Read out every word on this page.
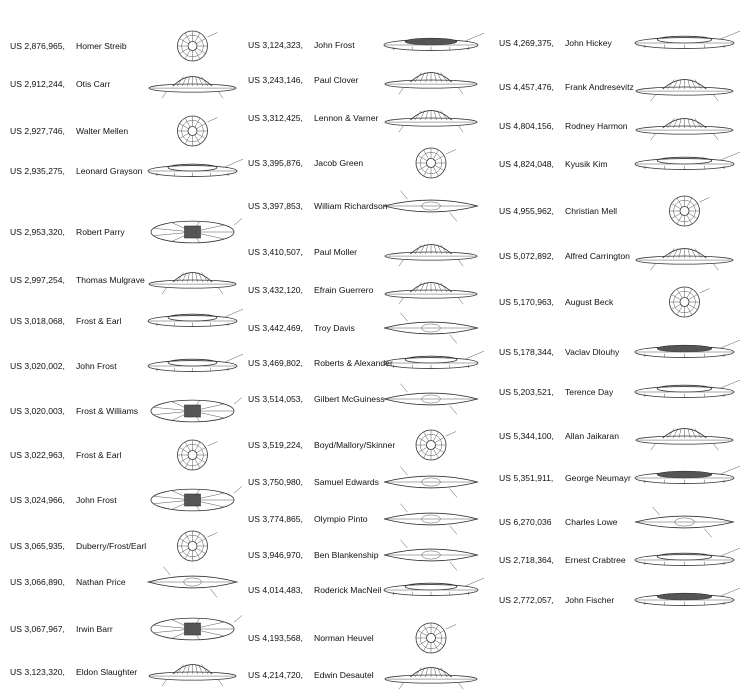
US 2,876,965, Homer Streib
US 2,912,244, Otis Carr
US 2,927,746, Walter Mellen
US 2,935,275, Leonard Grayson
US 2,953,320, Robert Parry
US 2,997,254, Thomas Mulgrave
US 3,018,068, Frost & Earl
US 3,020,002, John Frost
US 3,020,003, Frost & Williams
US 3,022,963, Frost & Earl
US 3,024,966, John Frost
US 3,065,935, Duberry/Frost/Earl
US 3,066,890, Nathan Price
US 3,067,967, Irwin Barr
US 3,123,320, Eldon Slaughter
US 3,124,323, John Frost
US 3,243,146, Paul Clover
US 3,312,425, Lennon & Varner
US 3,395,876, Jacob Green
US 3,397,853, William Richardson
US 3,410,507, Paul Moller
US 3,432,120, Efrain Guerrero
US 3,442,469, Troy Davis
US 3,469,802, Roberts & Alexander
US 3,514,053, Gilbert McGuiness
US 3,519,224, Boyd/Mallory/Skinner
US 3,750,980, Samuel Edwards
US 3,774,865, Olympio Pinto
US 3,946,970, Ben Blankenship
US 4,014,483, Roderick MacNeil
US 4,193,568, Norman Heuvel
US 4,214,720, Edwin Desautel
US 4,269,375, John Hickey
US 4,457,476, Frank Andresevitz
US 4,804,156, Rodney Harmon
US 4,824,048, Kyusik Kim
US 4,955,962, Christian Mell
US 5,072,892, Alfred Carrington
US 5,170,963, August Beck
US 5,178,344, Vaclav Dlouhy
US 5,203,521, Terence Day
US 5,344,100, Allan Jaikaran
US 5,351,911, George Neumayr
US 6,270,036 Charles Lowe
US 2,718,364, Ernest Crabtree
US 2,772,057, John Fischer
